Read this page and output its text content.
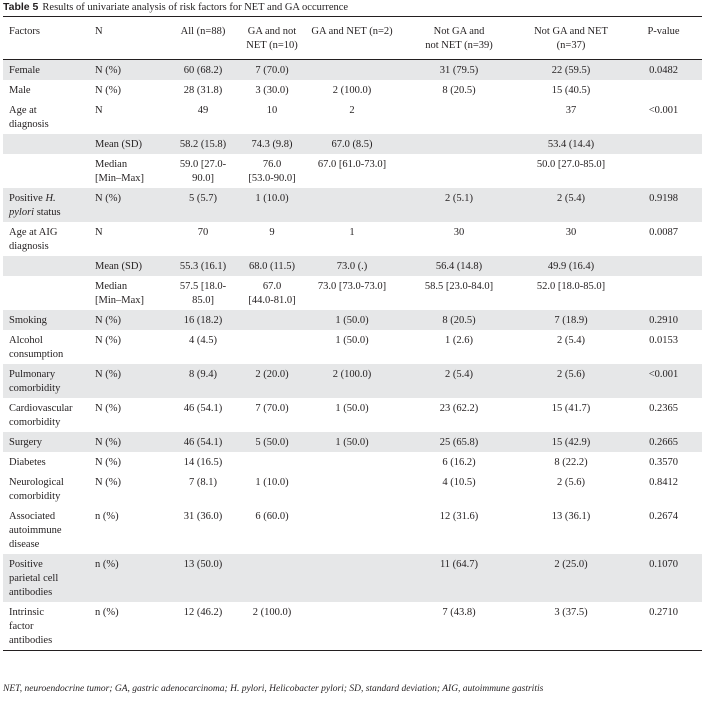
Table 5 Results of univariate analysis of risk factors for NET and GA occurrence
Factors	N	All (n=88)	GA and not
NET (n=10)	GA and NET (n=2)	Not GA and
not NET (n=39)	Not GA and NET
(n=37)	P-value
Female	N (%)	60 (68.2)	7 (70.0)		31 (79.5)	22 (59.5)	0.0482
Male	N (%)	28 (31.8)	3 (30.0)	2 (100.0)	8 (20.5)	15 (40.5)	
Age at
diagnosis	N	49	10	2		37	<0.001
	Mean (SD)	58.2 (15.8)	74.3 (9.8)	67.0 (8.5)		53.4 (14.4)	
	Median
[Min–Max]	59.0 [27.0-
90.0]	76.0
[53.0-90.0]	67.0 [61.0-73.0]		50.0 [27.0-85.0]	
Positive H.
pylori status	N (%)	5 (5.7)	1 (10.0)		2 (5.1)	2 (5.4)	0.9198
Age at AIG
diagnosis	N	70	9	1	30	30	0.0087
	Mean (SD)	55.3 (16.1)	68.0 (11.5)	73.0 (.)	56.4 (14.8)	49.9 (16.4)	
	Median
[Min–Max]	57.5 [18.0-
85.0]	67.0
[44.0-81.0]	73.0 [73.0-73.0]	58.5 [23.0-84.0]	52.0 [18.0-85.0]	
Smoking	N (%)	16 (18.2)		1 (50.0)	8 (20.5)	7 (18.9)	0.2910
Alcohol
consumption	N (%)	4 (4.5)		1 (50.0)	1 (2.6)	2 (5.4)	0.0153
Pulmonary
comorbidity	N (%)	8 (9.4)	2 (20.0)	2 (100.0)	2 (5.4)	2 (5.6)	<0.001
Cardiovascular
comorbidity	N (%)	46 (54.1)	7 (70.0)	1 (50.0)	23 (62.2)	15 (41.7)	0.2365
Surgery	N (%)	46 (54.1)	5 (50.0)	1 (50.0)	25 (65.8)	15 (42.9)	0.2665
Diabetes	N (%)	14 (16.5)			6 (16.2)	8 (22.2)	0.3570
Neurological
comorbidity	N (%)	7 (8.1)	1 (10.0)		4 (10.5)	2 (5.6)	0.8412
Associated
autoimmune
disease	n (%)	31 (36.0)	6 (60.0)		12 (31.6)	13 (36.1)	0.2674
Positive
parietal cell
antibodies	n (%)	13 (50.0)			11 (64.7)	2 (25.0)	0.1070
Intrinsic
factor
antibodies	n (%)	12 (46.2)	2 (100.0)		7 (43.8)	3 (37.5)	0.2710
NET, neuroendocrine tumor; GA, gastric adenocarcinoma; H. pylori, Helicobacter pylori; SD, standard deviation; AIG, autoimmune gastritis
